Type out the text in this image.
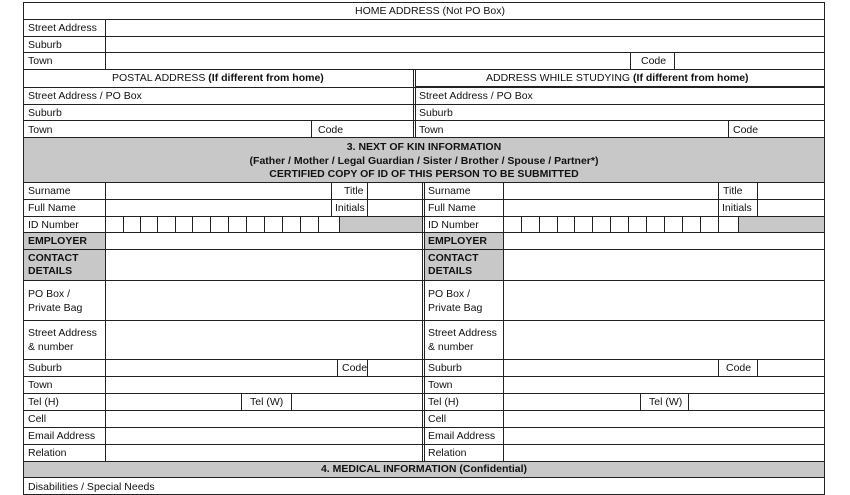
HOME ADDRESS (Not PO Box)
Street Address
Suburb
Town	Code
POSTAL ADDRESS (If different from home)	ADDRESS WHILE STUDYING (If different from home)
Street Address / PO Box
Suburb
Town	Code
Street Address / PO Box
Suburb
Town	Code
3. NEXT OF KIN INFORMATION
(Father / Mother / Legal Guardian / Sister / Brother / Spouse / Partner*)
CERTIFIED COPY OF ID OF THIS PERSON TO BE SUBMITTED
Surname	Title
Full Name	Initials
ID Number
EMPLOYER
CONTACT
DETAILS
PO Box /
Private Bag
Street Address
& number
Suburb	Code
Town
Tel (H)	Tel (W)
Cell
Email Address
Relation
Surname	Title
Full Name	Initials
ID Number
EMPLOYER
CONTACT
DETAILS
PO Box /
Private Bag
Street Address
& number
Suburb	Code
Town
Tel (H)	Tel (W)
Cell
Email Address
Relation
4. MEDICAL INFORMATION (Confidential)
Disabilities / Special Needs
